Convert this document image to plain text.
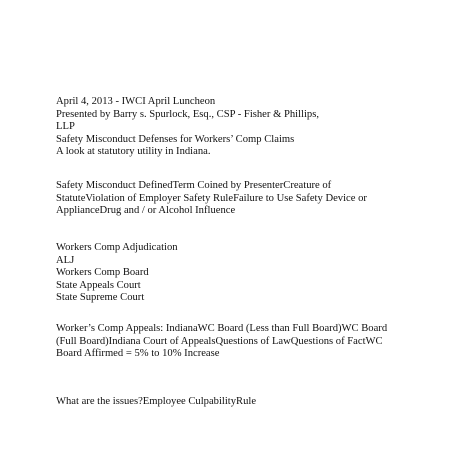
April 4, 2013 - IWCI April Luncheon
Presented by Barry s. Spurlock, Esq., CSP - Fisher & Phillips,
LLP
Safety Misconduct Defenses for Workers’ Comp Claims
A look at statutory utility in Indiana.
Safety Misconduct DefinedTerm Coined by PresenterCreature of StatuteViolation of Employer Safety RuleFailure to Use Safety Device or ApplianceDrug and / or Alcohol Influence
Workers Comp Adjudication
ALJ
Workers Comp Board
State Appeals Court
State Supreme Court
Worker’s Comp Appeals: IndianaWC Board (Less than Full Board)WC Board (Full Board)Indiana Court of AppealsQuestions of LawQuestions of FactWC Board Affirmed = 5% to 10% Increase
What are the issues?Employee CulpabilityRule
